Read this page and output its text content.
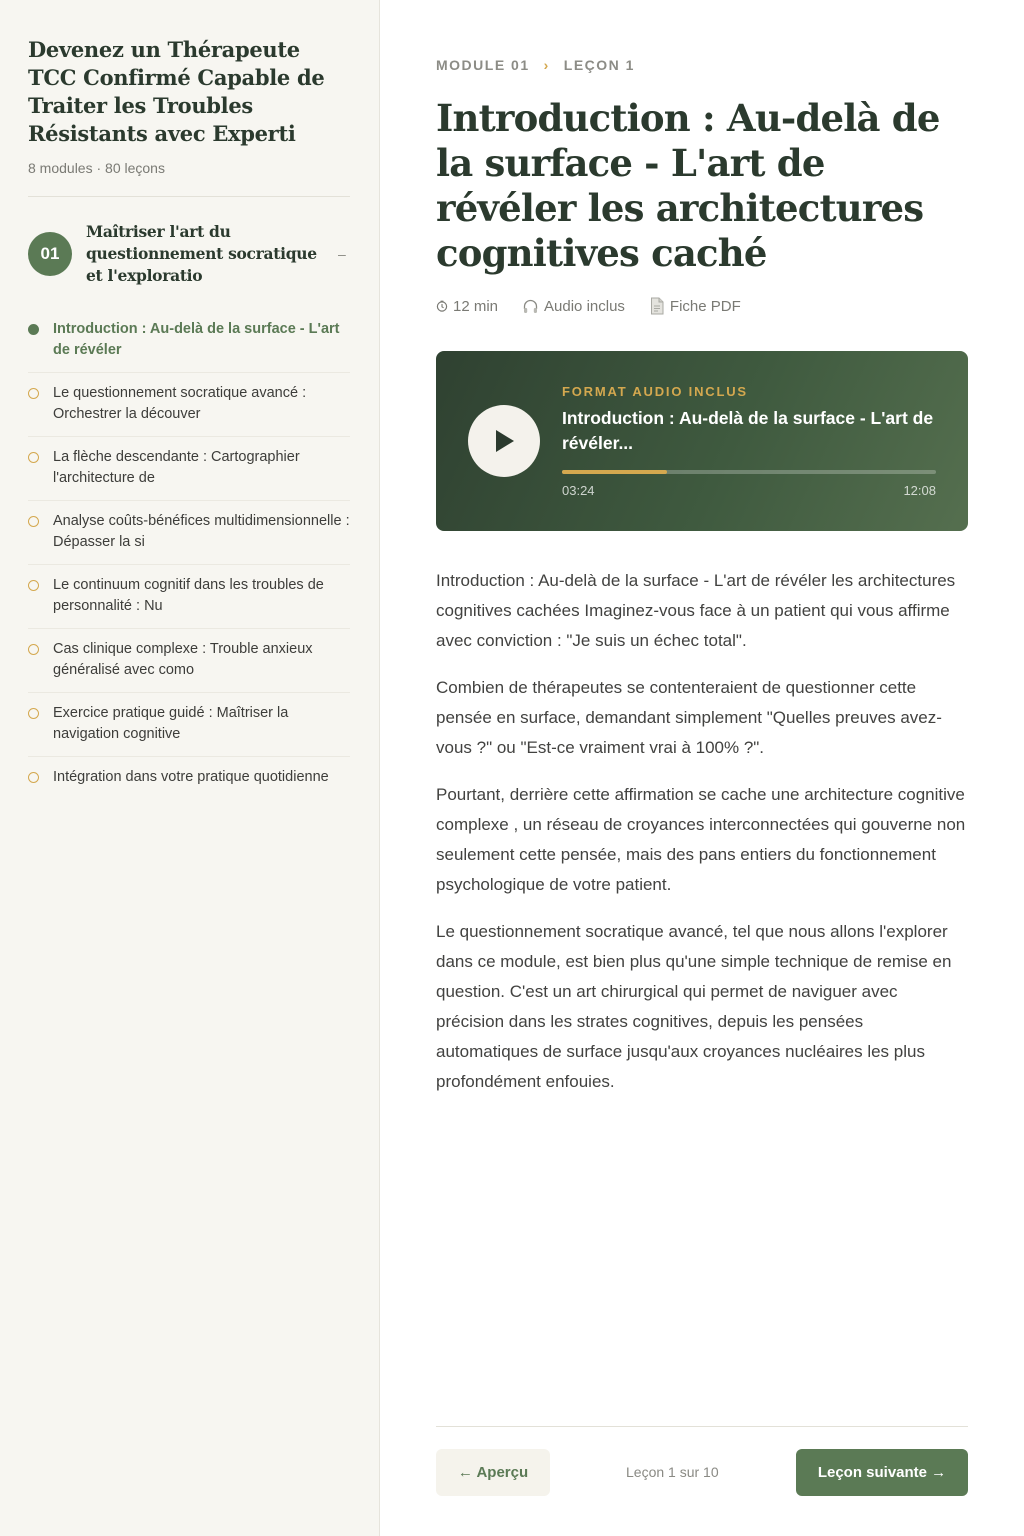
Devenez un Thérapeute TCC Confirmé Capable de Traiter les Troubles Résistants avec Experti
8 modules · 80 leçons
01
Maîtriser l'art du questionnement socratique et l'exploratio
–
Introduction : Au-delà de la surface - L'art de révéler
Le questionnement socratique avancé : Orchestrer la découver
La flèche descendante : Cartographier l'architecture de
Analyse coûts-bénéfices multidimensionnelle : Dépasser la si
Le continuum cognitif dans les troubles de personnalité : Nu
Cas clinique complexe : Trouble anxieux généralisé avec como
Exercice pratique guidé : Maîtriser la navigation cognitive
Intégration dans votre pratique quotidienne
MODULE 01 › LEÇON 1
Introduction : Au-delà de la surface - L'art de révéler les architectures cognitives caché
12 min	Audio inclus	Fiche PDF
FORMAT AUDIO INCLUS
Introduction : Au-delà de la surface - L'art de révéler...
03:24	12:08

Introduction : Au-delà de la surface - L'art de révéler les architectures cognitives cachées Imaginez-vous face à un patient qui vous affirme avec conviction : "Je suis un échec total".

Combien de thérapeutes se contenteraient de questionner cette pensée en surface, demandant simplement "Quelles preuves avez-vous ?" ou "Est-ce vraiment vrai à 100% ?".

Pourtant, derrière cette affirmation se cache une architecture cognitive complexe , un réseau de croyances interconnectées qui gouverne non seulement cette pensée, mais des pans entiers du fonctionnement psychologique de votre patient.

Le questionnement socratique avancé, tel que nous allons l'explorer dans ce module, est bien plus qu'une simple technique de remise en question. C'est un art chirurgical qui permet de naviguer avec précision dans les strates cognitives, depuis les pensées automatiques de surface jusqu'aux croyances nucléaires les plus profondément enfouies.

← Aperçu	Leçon 1 sur 10	Leçon suivante →
